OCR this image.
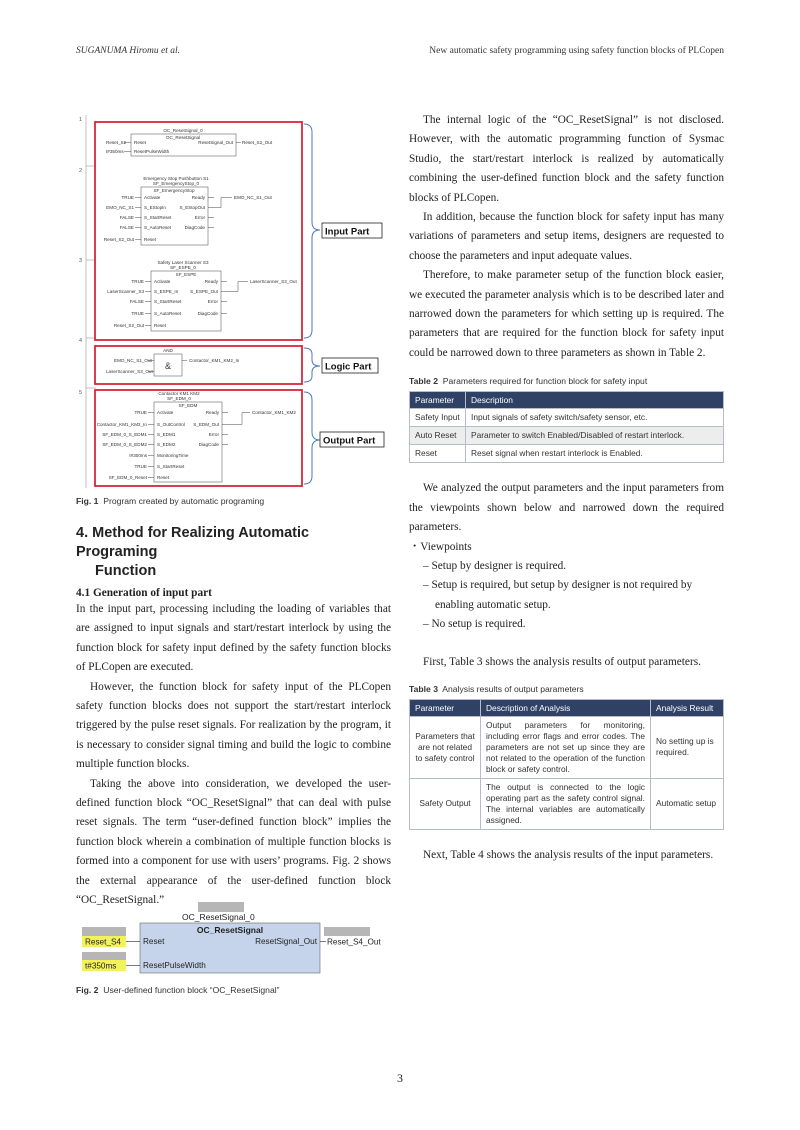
SUGANUMA Hiromu et al.	New automatic safety programming using safety function blocks of PLCopen
1
2
3
4
5
Input Part
Logic Part
Output Part
OC_ResetSignal_0
OC_ResetSignal
Reset	ResetSignal_Out
ResetPulseWidth
Reset_S2
t#350ms
Reset_S2_Out
Emergency Stop Pushbutton S1
SF_EmergencyStop_0
SF_EmergencyStop
Activate
S_EStopIn
S_StartReset
S_AutoReset
Reset
Ready
S_EStopOut
Error
DiagCode
TRUE
EMO_NC_S1
FALSE
FALSE
Reset_S2_Out
EMO_NC_S1_Out
Safety Laser Scanner S3
SF_ESPE_0
SF_ESPE
Activate
S_ESPE_In
S_StartReset
S_AutoReset
Reset
Ready
S_ESPE_Out
Error
DiagCode
TRUE
LaserScanner_S3
FALSE
TRUE
Reset_S2_Out
LaserScanner_S3_Out
AND
&
EMO_NC_S1_Out
LaserScanner_S3_Out
Contactor_KM1_KM2_In
Contactor KM1 KM2
SF_EDM_0
SF_EDM
Activate
S_OutControl
S_EDM1
S_EDM2
MonitoringTime
S_StartReset
Reset
Ready
S_EDM_Out
Error
DiagCode
TRUE
Contactor_KM1_KM2_In
SF_EDM_0_S_EDM1
SF_EDM_0_S_EDM2
t#300ms
TRUE
SF_EDM_0_Reset
Contactor_KM1_KM2
Fig. 1 Program created by automatic programing
4. Method for Realizing Automatic Programing
Function
4.1 Generation of input part

In the input part, processing including the loading of variables that are assigned to input signals and start/restart interlock by using the function block for safety input defined by the safety function blocks of PLCopen are executed.

However, the function block for safety input of the PLCopen safety function blocks does not support the start/restart interlock triggered by the pulse reset signals. For realization by the program, it is necessary to consider signal timing and build the logic to combine multiple function blocks.

Taking the above into consideration, we developed the user-defined function block “OC_ResetSignal” that can deal with pulse reset signals. The term “user-defined function block” implies the function block wherein a combination of multiple function blocks is formed into a component for use with users’ programs. Fig. 2 shows the external appearance of the user-defined function block “OC_ResetSignal.”

OC_ResetSignal_0
OC_ResetSignal
Reset	ResetSignal_Out
ResetPulseWidth
Reset_S4
t#350ms
Reset_S4_Out
Fig. 2 User-defined function block “OC_ResetSignal”

The internal logic of the “OC_ResetSignal” is not disclosed. However, with the automatic programming function of Sysmac Studio, the start/restart interlock is realized by automatically combining the user-defined function block and the safety function blocks of PLCopen.

In addition, because the function block for safety input has many variations of parameters and setup items, designers are requested to choose the parameters and input adequate values.

Therefore, to make parameter setup of the function block easier, we executed the parameter analysis which is to be described later and narrowed down the parameters for which setting up is required. The parameters that are required for the function block for safety input could be narrowed down to three parameters as shown in Table 2.

Table 2 Parameters required for function block for safety input
Parameter	Description
Safety Input	Input signals of safety switch/safety sensor, etc.
Auto Reset	Parameter to switch Enabled/Disabled of restart interlock.
Reset	Reset signal when restart interlock is Enabled.

We analyzed the output parameters and the input parameters from the viewpoints shown below and narrowed down the required parameters.

・Viewpoints
– Setup by designer is required.
– Setup is required, but setup by designer is not required by enabling automatic setup.
– No setup is required.

First, Table 3 shows the analysis results of output parameters.

Table 3 Analysis results of output parameters
Parameter	Description of Analysis	Analysis Result
Parameters that are not related to safety control	Output parameters for monitoring, including error flags and error codes. The parameters are not set up since they are not related to the operation of the function block or safety control.	No setting up is required.
Safety Output	The output is connected to the logic operating part as the safety control signal. The internal variables are automatically assigned.	Automatic setup

Next, Table 4 shows the analysis results of the input parameters.

3
